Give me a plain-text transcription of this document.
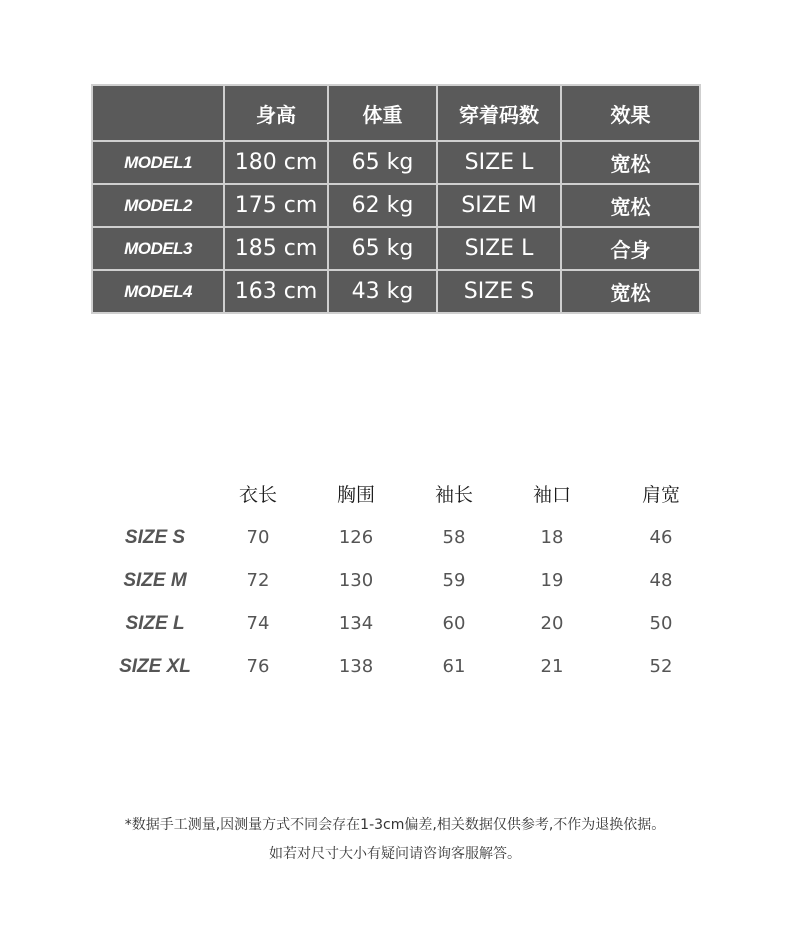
	身高	体重	穿着码数	效果
MODEL1	180 cm	65 kg	SIZE L	宽松
MODEL2	175 cm	62 kg	SIZE M	宽松
MODEL3	185 cm	65 kg	SIZE L	合身
MODEL4	163 cm	43 kg	SIZE S	宽松
	衣长	胸围	袖长	袖口	肩宽
SIZE S	70	126	58	18	46
SIZE M	72	130	59	19	48
SIZE L	74	134	60	20	50
SIZE XL	76	138	61	21	52
*数据手工测量,因测量方式不同会存在1-3cm偏差,相关数据仅供参考,不作为退换依据。
如若对尺寸大小有疑问请咨询客服解答。
